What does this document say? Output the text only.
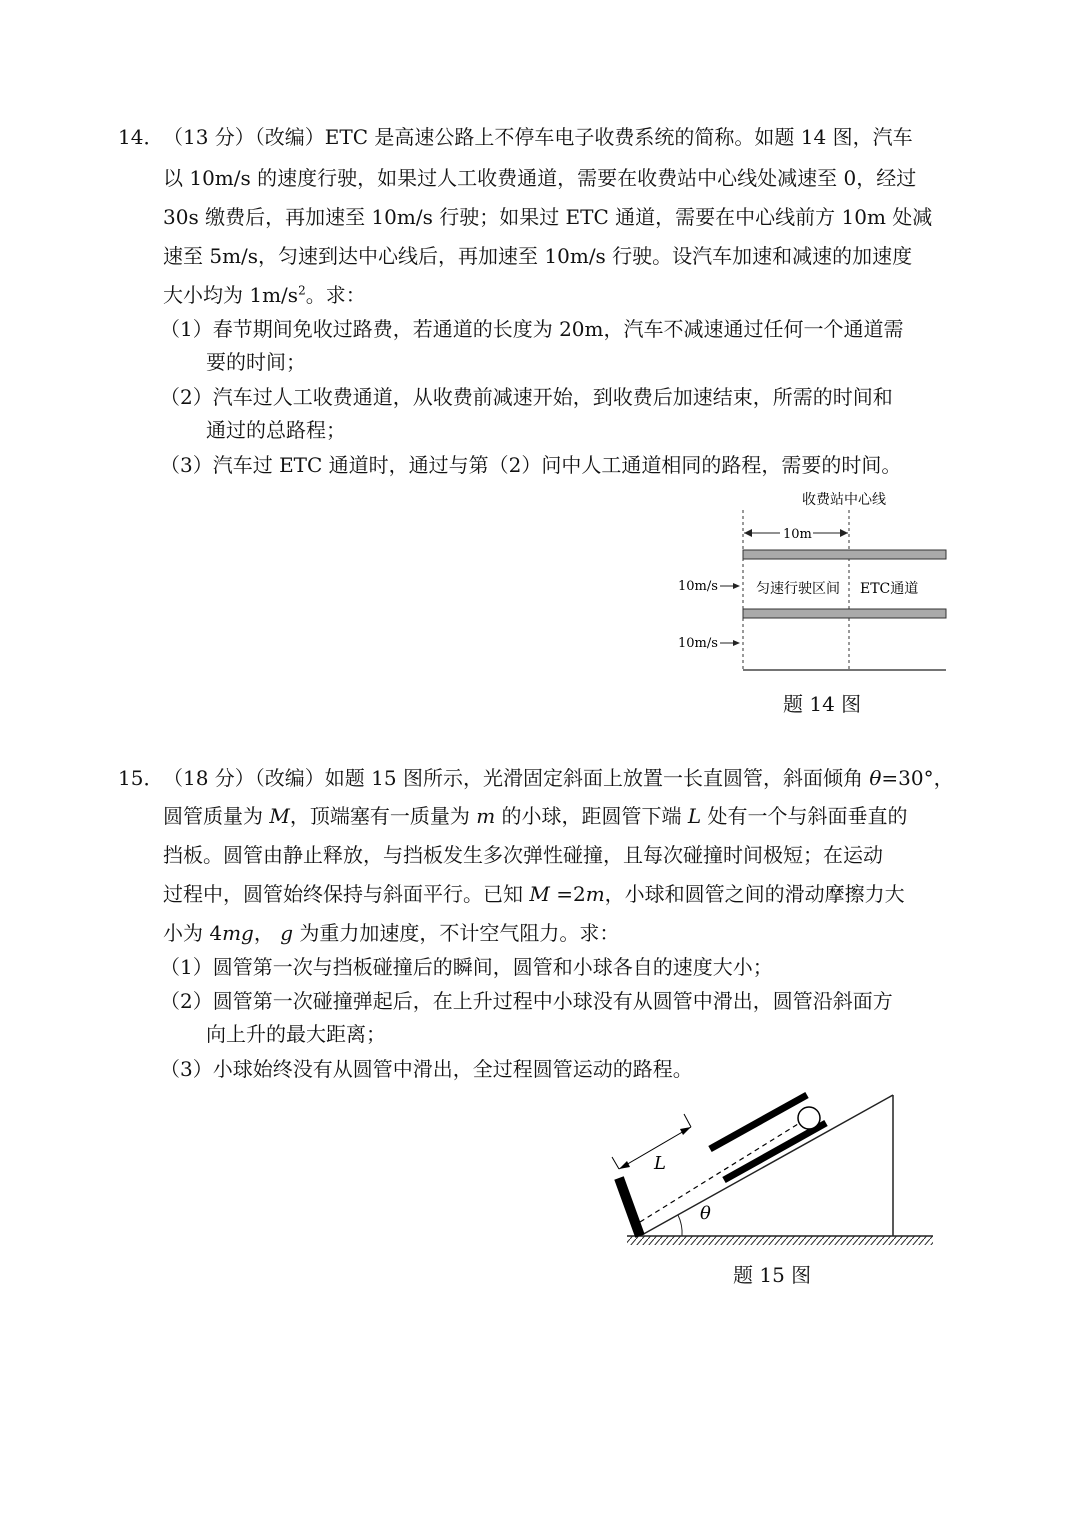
14． （13 分）（改编）ETC 是高速公路上不停车电子收费系统的简称。如题 14 图，汽车
以 10m/s 的速度行驶，如果过人工收费通道，需要在收费站中心线处减速至 0，经过
30s 缴费后，再加速至 10m/s 行驶；如果过 ETC 通道，需要在中心线前方 10m 处减
速至 5m/s，匀速到达中心线后，再加速至 10m/s 行驶。设汽车加速和减速的加速度
大小均为 $1m/s^2$。求：
（1）春节期间免收过路费，若通道的长度为 20m，汽车不减速通过任何一个通道需
要的时间；
（2）汽车过人工收费通道，从收费前减速开始，到收费后加速结束，所需的时间和
通过的总路程；
（3）汽车过 ETC 通道时，通过与第（2）问中人工通道相同的路程，需要的时间。
收费站中心线
10m
10m/s	匀速行驶区间 ETC通道
10m/s
题 14 图
15． （18 分）（改编）如题 15 图所示，光滑固定斜面上放置一长直圆管，斜面倾角 θ=30°，
圆管质量为 M，顶端塞有一质量为 m 的小球，距圆管下端 L 处有一个与斜面垂直的
挡板。圆管由静止释放，与挡板发生多次弹性碰撞，且每次碰撞时间极短；在运动
过程中，圆管始终保持与斜面平行。已知 M =2m，小球和圆管之间的滑动摩擦力大
小为 4mg， g 为重力加速度，不计空气阻力。求：
（1）圆管第一次与挡板碰撞后的瞬间，圆管和小球各自的速度大小；
（2）圆管第一次碰撞弹起后，在上升过程中小球没有从圆管中滑出，圆管沿斜面方
向上升的最大距离；
（3）小球始终没有从圆管中滑出，全过程圆管运动的路程。
θ
L
题 15 图
